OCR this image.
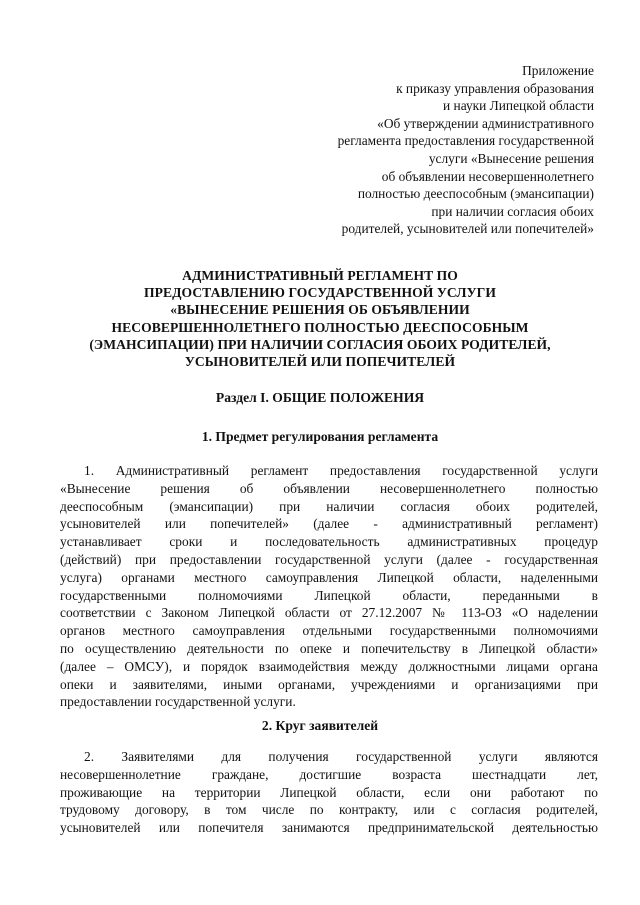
Приложение
к приказу управления образования
и науки Липецкой области
«Об утверждении административного
регламента предоставления государственной
услуги «Вынесение решения
об объявлении несовершеннолетнего
полностью дееспособным (эмансипации)
при наличии согласия обоих
родителей, усыновителей или попечителей»
АДМИНИСТРАТИВНЫЙ РЕГЛАМЕНТ ПО
ПРЕДОСТАВЛЕНИЮ ГОСУДАРСТВЕННОЙ УСЛУГИ
«ВЫНЕСЕНИЕ РЕШЕНИЯ ОБ ОБЪЯВЛЕНИИ
НЕСОВЕРШЕННОЛЕТНЕГО ПОЛНОСТЬЮ ДЕЕСПОСОБНЫМ
(ЭМАНСИПАЦИИ) ПРИ НАЛИЧИИ СОГЛАСИЯ ОБОИХ РОДИТЕЛЕЙ,
УСЫНОВИТЕЛЕЙ ИЛИ ПОПЕЧИТЕЛЕЙ
Раздел I. ОБЩИЕ ПОЛОЖЕНИЯ
1. Предмет регулирования регламента
1. Административный регламент предоставления государственной услуги
«Вынесение решения об объявлении несовершеннолетнего полностью
дееспособным (эмансипации) при наличии согласия обоих родителей,
усыновителей или попечителей» (далее - административный регламент)
устанавливает сроки и последовательность административных процедур
(действий) при предоставлении государственной услуги (далее - государственная
услуга) органами местного самоуправления Липецкой области, наделенными
государственными полномочиями Липецкой области, переданными в
соответствии с Законом Липецкой области от 27.12.2007 № 113-ОЗ «О наделении
органов местного самоуправления отдельными государственными полномочиями
по осуществлению деятельности по опеке и попечительству в Липецкой области»
(далее – ОМСУ), и порядок взаимодействия между должностными лицами органа
опеки и заявителями, иными органами, учреждениями и организациями при
предоставлении государственной услуги.
2. Круг заявителей
2. Заявителями для получения государственной услуги являются
несовершеннолетние граждане, достигшие возраста шестнадцати лет,
проживающие на территории Липецкой области, если они работают по
трудовому договору, в том числе по контракту, или с согласия родителей,
усыновителей или попечителя занимаются предпринимательской деятельностью
